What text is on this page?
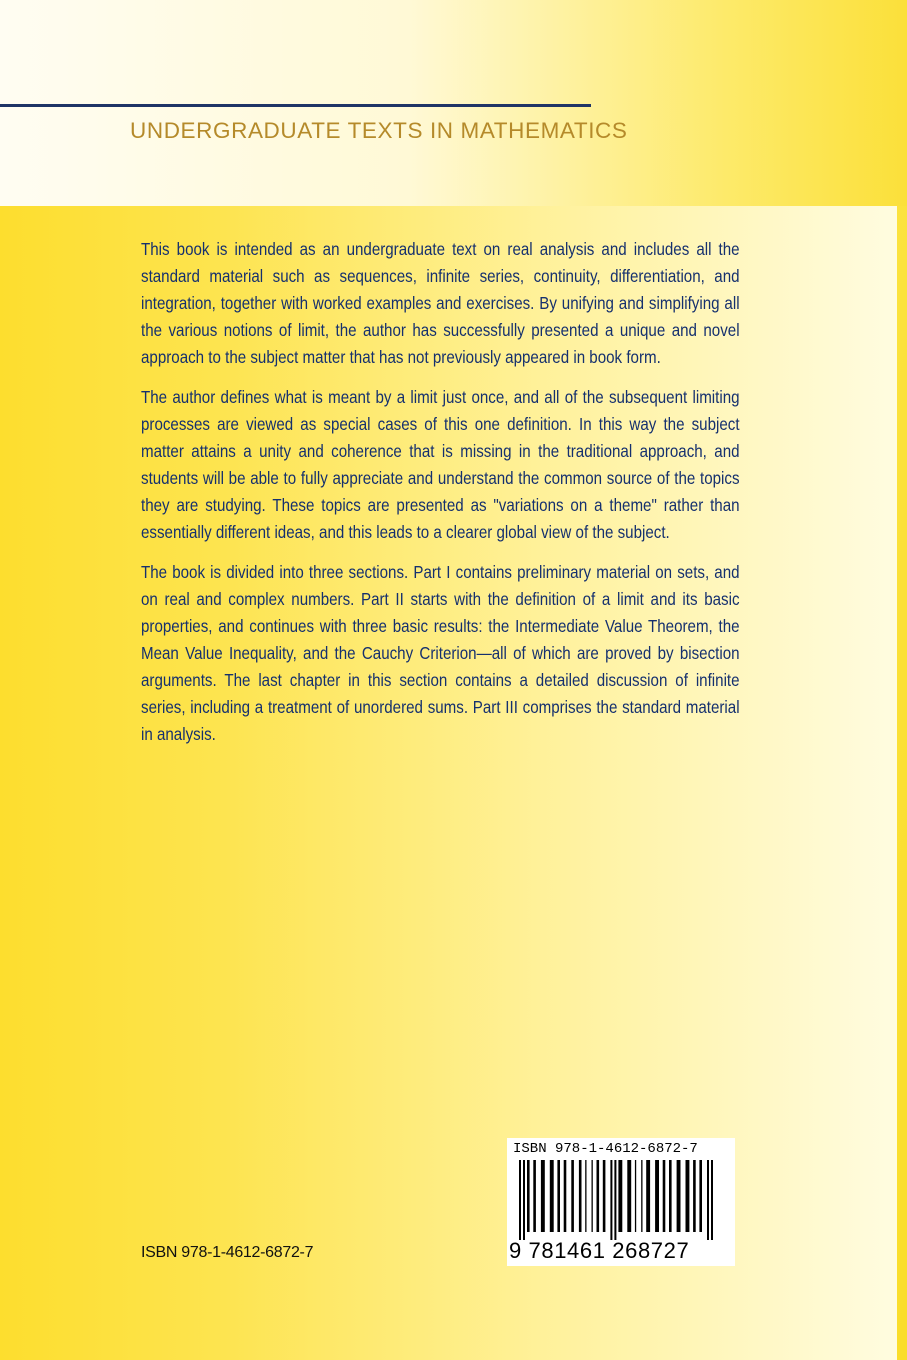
UNDERGRADUATE TEXTS IN MATHEMATICS

This book is intended as an undergraduate text on real analysis and includes all the standard material such as sequences, infinite series, continuity, differentiation, and integration, together with worked examples and exercises. By unifying and simplifying all the various notions of limit, the author has successfully presented a unique and novel approach to the subject matter that has not previously appeared in book form.

The author defines what is meant by a limit just once, and all of the subsequent limiting processes are viewed as special cases of this one definition. In this way the subject matter attains a unity and coherence that is missing in the traditional approach, and students will be able to fully appreciate and understand the common source of the topics they are studying. These topics are presented as "variations on a theme" rather than essentially different ideas, and this leads to a clearer global view of the subject.

The book is divided into three sections. Part I contains preliminary material on sets, and on real and complex numbers. Part II starts with the definition of a limit and its basic properties, and continues with three basic results: the Intermediate Value Theorem, the Mean Value Inequality, and the Cauchy Criterion—all of which are proved by bisection arguments. The last chapter in this section contains a detailed discussion of infinite series, including a treatment of unordered sums. Part III comprises the standard material in analysis.

ISBN 978-1-4612-6872-7
ISBN 978-1-4612-6872-7
9 781461 268727
